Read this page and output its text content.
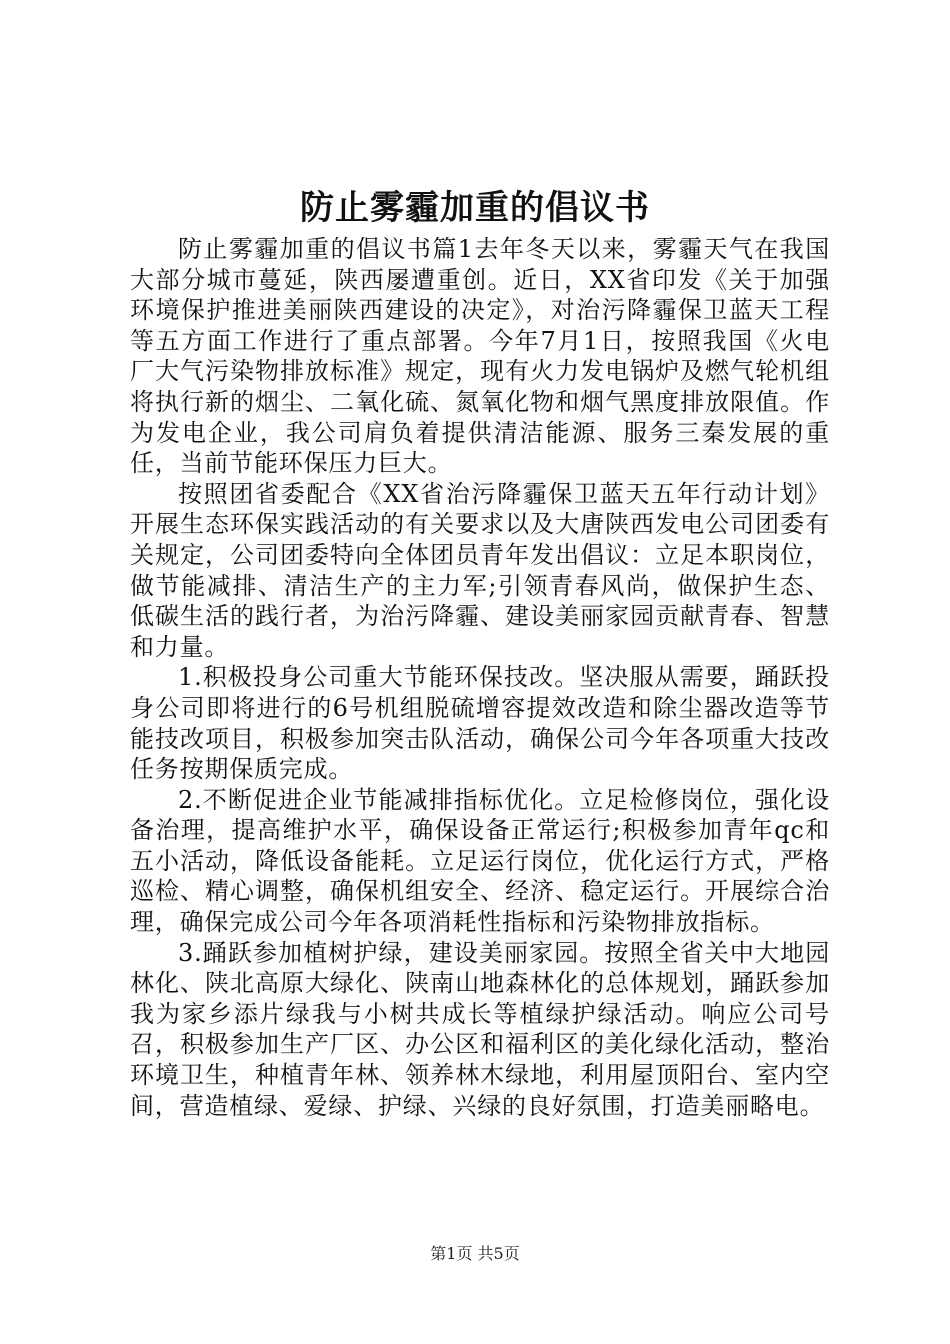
防止雾霾加重的倡议书

防止雾霾加重的倡议书篇1去年冬天以来，雾霾天气在我国大部分城市蔓延，陕西屡遭重创。近日，XX省印发《关于加强环境保护推进美丽陕西建设的决定》，对治污降霾保卫蓝天工程等五方面工作进行了重点部署。今年7月1日，按照我国《火电厂大气污染物排放标准》规定，现有火力发电锅炉及燃气轮机组将执行新的烟尘、二氧化硫、氮氧化物和烟气黑度排放限值。作为发电企业，我公司肩负着提供清洁能源、服务三秦发展的重任，当前节能环保压力巨大。

按照团省委配合《XX省治污降霾保卫蓝天五年行动计划》开展生态环保实践活动的有关要求以及大唐陕西发电公司团委有关规定，公司团委特向全体团员青年发出倡议：立足本职岗位，做节能减排、清洁生产的主力军;引领青春风尚，做保护生态、低碳生活的践行者，为治污降霾、建设美丽家园贡献青春、智慧和力量。

1.积极投身公司重大节能环保技改。坚决服从需要，踊跃投身公司即将进行的6号机组脱硫增容提效改造和除尘器改造等节能技改项目，积极参加突击队活动，确保公司今年各项重大技改任务按期保质完成。

2.不断促进企业节能减排指标优化。立足检修岗位，强化设备治理，提高维护水平，确保设备正常运行;积极参加青年qc和五小活动，降低设备能耗。立足运行岗位，优化运行方式，严格巡检、精心调整，确保机组安全、经济、稳定运行。开展综合治理，确保完成公司今年各项消耗性指标和污染物排放指标。

3.踊跃参加植树护绿，建设美丽家园。按照全省关中大地园林化、陕北高原大绿化、陕南山地森林化的总体规划，踊跃参加我为家乡添片绿我与小树共成长等植绿护绿活动。响应公司号召，积极参加生产厂区、办公区和福利区的美化绿化活动，整治环境卫生，种植青年林、领养林木绿地，利用屋顶阳台、室内空间，营造植绿、爱绿、护绿、兴绿的良好氛围，打造美丽略电。

第1页 共5页
